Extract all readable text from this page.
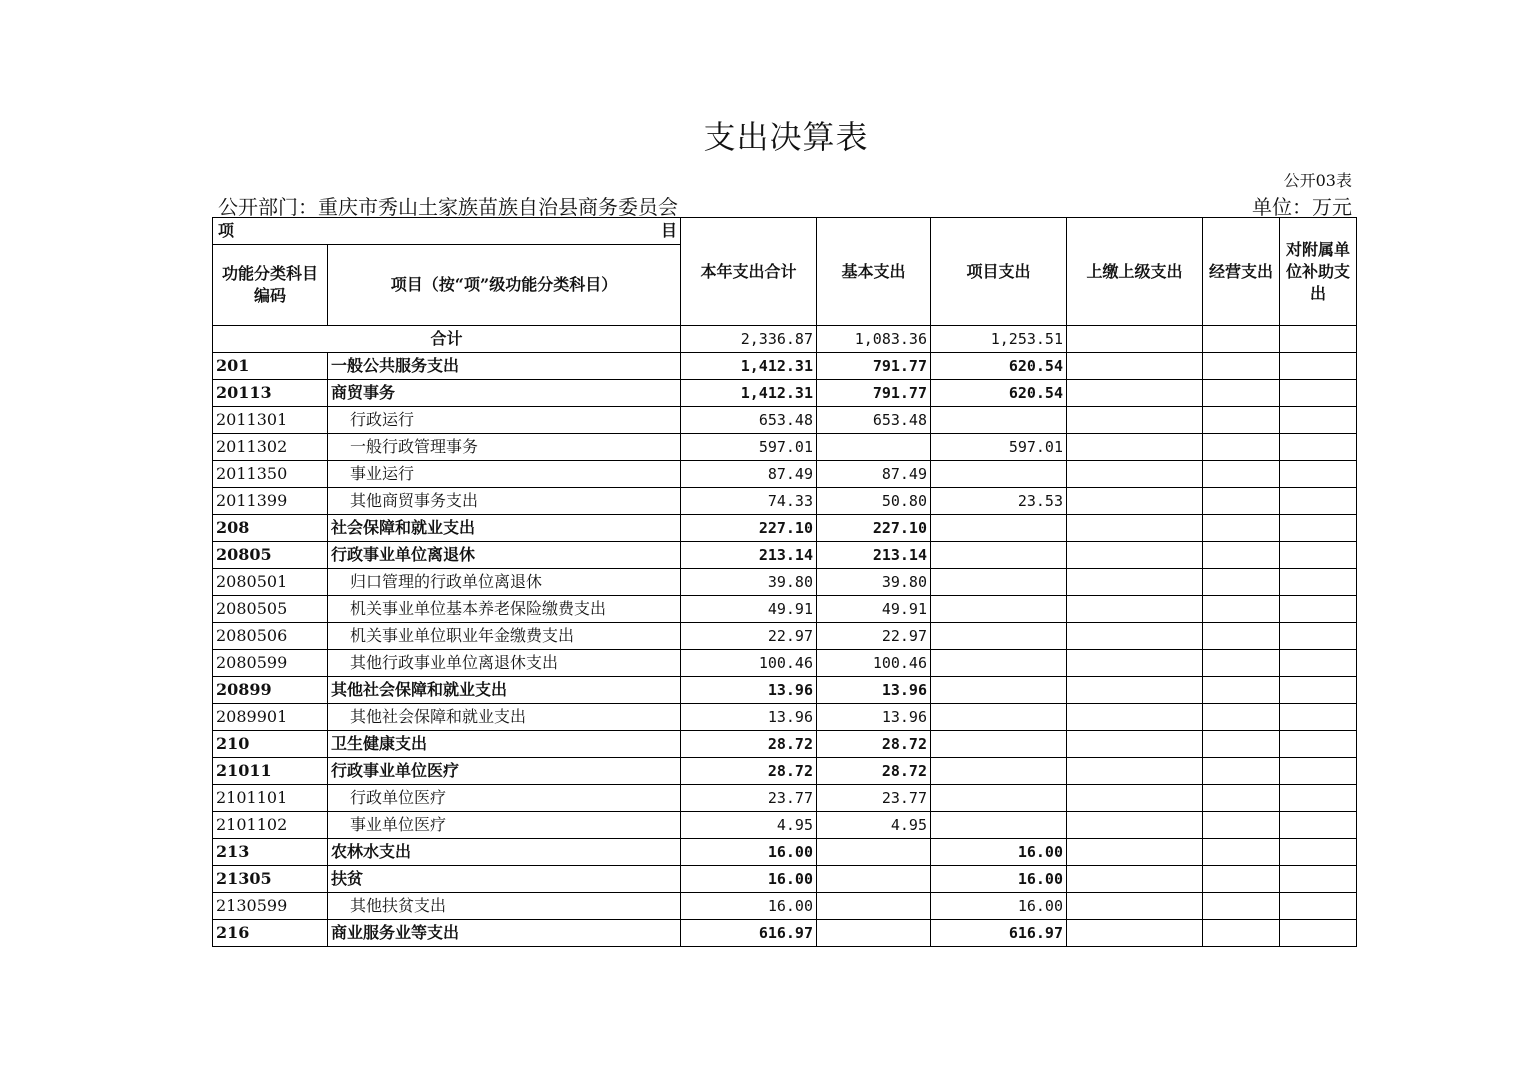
支出决算表
公开03表
公开部门：重庆市秀山土家族苗族自治县商务委员会	单位：万元
项 目		本年支出合计	基本支出	项目支出	上缴上级支出	经营支出	对附属单位补助支出
功能分类科目编码	项目（按“项”级功能分类科目）						
合计		2,336.87	1,083.36	1,253.51			
201	一般公共服务支出	1,412.31	791.77	620.54			
20113	商贸事务	1,412.31	791.77	620.54			
2011301	行政运行	653.48	653.48				
2011302	一般行政管理事务	597.01		597.01			
2011350	事业运行	87.49	87.49				
2011399	其他商贸事务支出	74.33	50.80	23.53			
208	社会保障和就业支出	227.10	227.10				
20805	行政事业单位离退休	213.14	213.14				
2080501	归口管理的行政单位离退休	39.80	39.80				
2080505	机关事业单位基本养老保险缴费支出	49.91	49.91				
2080506	机关事业单位职业年金缴费支出	22.97	22.97				
2080599	其他行政事业单位离退休支出	100.46	100.46				
20899	其他社会保障和就业支出	13.96	13.96				
2089901	其他社会保障和就业支出	13.96	13.96				
210	卫生健康支出	28.72	28.72				
21011	行政事业单位医疗	28.72	28.72				
2101101	行政单位医疗	23.77	23.77				
2101102	事业单位医疗	4.95	4.95				
213	农林水支出	16.00		16.00			
21305	扶贫	16.00		16.00			
2130599	其他扶贫支出	16.00		16.00			
216	商业服务业等支出	616.97		616.97			
